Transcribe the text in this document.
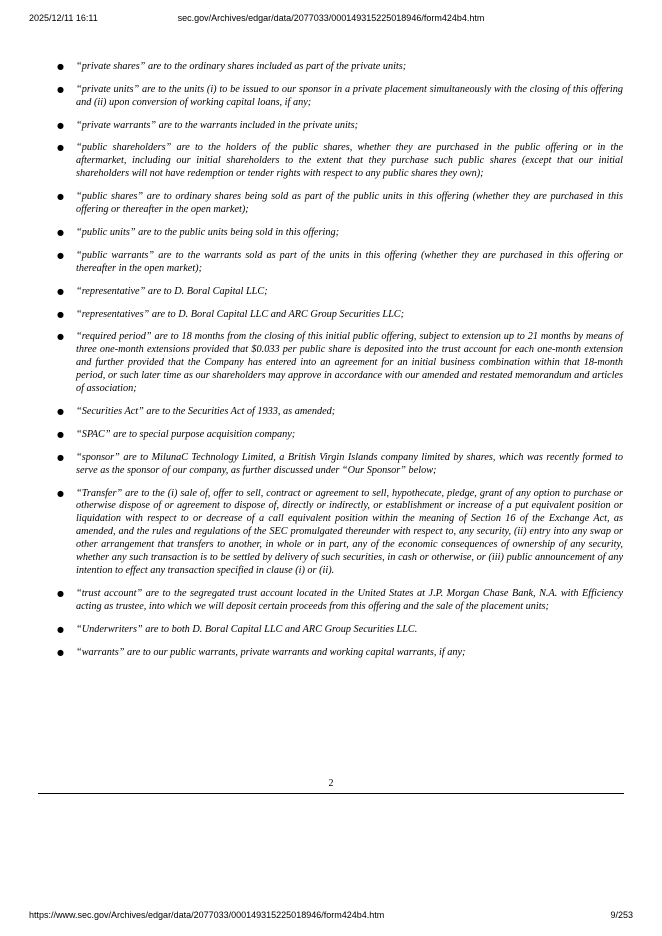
2025/12/11 16:11	sec.gov/Archives/edgar/data/2077033/000149315225018946/form424b4.htm
● “private shares” are to the ordinary shares included as part of the private units;
● “private units” are to the units (i) to be issued to our sponsor in a private placement simultaneously with the closing of this offering and (ii) upon conversion of working capital loans, if any;
● “private warrants” are to the warrants included in the private units;
● “public shareholders” are to the holders of the public shares, whether they are purchased in the public offering or in the aftermarket, including our initial shareholders to the extent that they purchase such public shares (except that our initial shareholders will not have redemption or tender rights with respect to any public shares they own);
● “public shares” are to ordinary shares being sold as part of the public units in this offering (whether they are purchased in this offering or thereafter in the open market);
● “public units” are to the public units being sold in this offering;
● “public warrants” are to the warrants sold as part of the units in this offering (whether they are purchased in this offering or thereafter in the open market);
● “representative” are to D. Boral Capital LLC;
● “representatives” are to D. Boral Capital LLC and ARC Group Securities LLC;
● “required period” are to 18 months from the closing of this initial public offering, subject to extension up to 21 months by means of three one-month extensions provided that $0.033 per public share is deposited into the trust account for each one-month extension and further provided that the Company has entered into an agreement for an initial business combination within that 18-month period, or such later time as our shareholders may approve in accordance with our amended and restated memorandum and articles of association;
● “Securities Act” are to the Securities Act of 1933, as amended;
● “SPAC” are to special purpose acquisition company;
● “sponsor” are to MilunaC Technology Limited, a British Virgin Islands company limited by shares, which was recently formed to serve as the sponsor of our company, as further discussed under “Our Sponsor” below;
● “Transfer” are to the (i) sale of, offer to sell, contract or agreement to sell, hypothecate, pledge, grant of any option to purchase or otherwise dispose of or agreement to dispose of, directly or indirectly, or establishment or increase of a put equivalent position or liquidation with respect to or decrease of a call equivalent position within the meaning of Section 16 of the Exchange Act, as amended, and the rules and regulations of the SEC promulgated thereunder with respect to, any security, (ii) entry into any swap or other arrangement that transfers to another, in whole or in part, any of the economic consequences of ownership of any security, whether any such transaction is to be settled by delivery of such securities, in cash or otherwise, or (iii) public announcement of any intention to effect any transaction specified in clause (i) or (ii).
● “trust account” are to the segregated trust account located in the United States at J.P. Morgan Chase Bank, N.A. with Efficiency acting as trustee, into which we will deposit certain proceeds from this offering and the sale of the placement units;
● “Underwriters” are to both D. Boral Capital LLC and ARC Group Securities LLC.
● “warrants” are to our public warrants, private warrants and working capital warrants, if any;
2
https://www.sec.gov/Archives/edgar/data/2077033/000149315225018946/form424b4.htm	9/253
